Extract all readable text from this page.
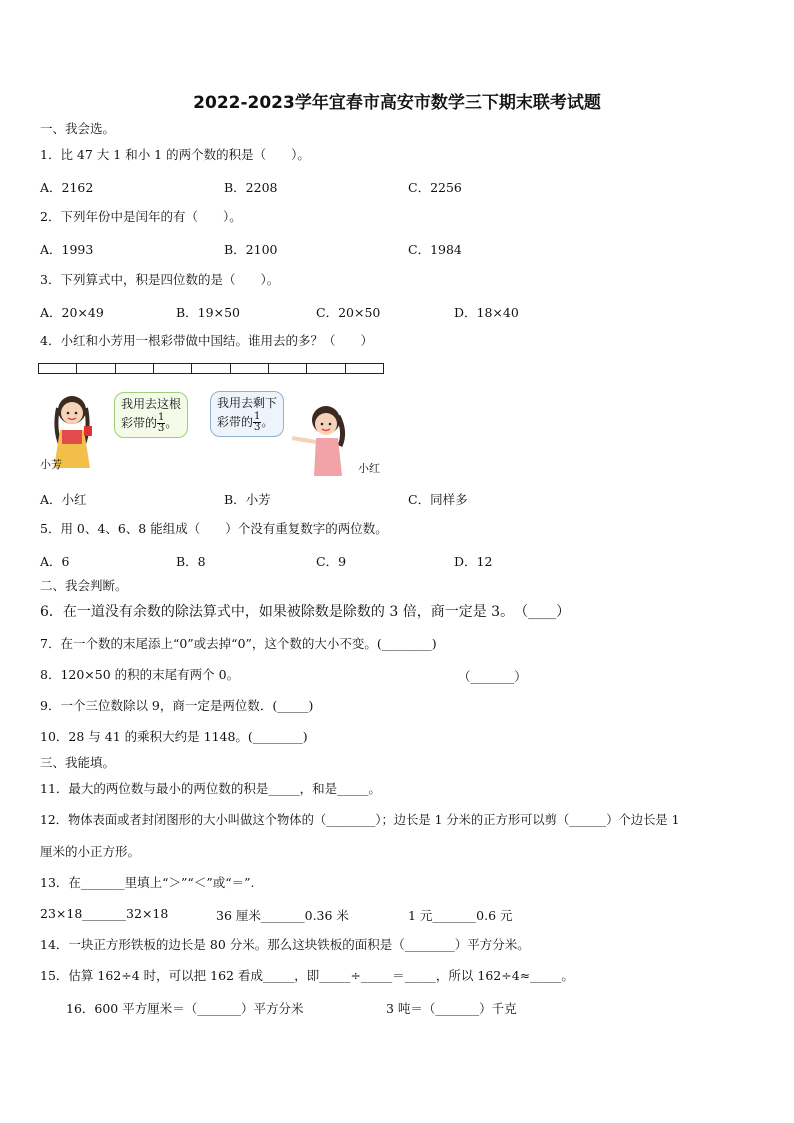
2022-2023学年宜春市高安市数学三下期末联考试题
一、我会选。
1．比 47 大 1 和小 1 的两个数的积是（　　）。
A．2162	B．2208	C．2256
2．下列年份中是闰年的有（　　）。
A．1993	B．2100	C．1984
3．下列算式中，积是四位数的是（　　）。
A．20×49	B．19×50	C．20×50	D．18×40
4．小红和小芳用一根彩带做中国结。谁用去的多？（　　）
我用去这根
彩带的 $\frac{1}{3}$ 。
我用去剩下
彩带的 $\frac{1}{3}$ 。
小芳	小红
A．小红	B．小芳	C．同样多
5．用 0、4、6、8 能组成（　　）个没有重复数字的两位数。
A．6	B．8	C．9	D．12
二、我会判断。
6．在一道没有余数的除法算式中，如果被除数是除数的 3 倍，商一定是 3。　（____）
7．在一个数的末尾添上“0”或去掉“0”，这个数的大小不变。(________)
8．120×50 的积的末尾有两个 0。	（_______）
9．一个三位数除以 9，商一定是两位数．(_____)
10．28 与 41 的乘积大约是 1148。(________)
三、我能填。
11．最大的两位数与最小的两位数的积是_____，和是_____。
12．物体表面或者封闭图形的大小叫做这个物体的（________）；边长是 1 分米的正方形可以剪（______）个边长是 1
厘米的小正方形。
13．在_______里填上“＞”“＜”或“＝”.
23×18_______32×18	36 厘米_______0.36 米	1 元_______0.6 元
14．一块正方形铁板的边长是 80 分米。那么这块铁板的面积是（________）平方分米。
15．估算 162÷4 时，可以把 162 看成_____，即_____÷_____＝_____，所以 162÷4≈_____。
16．600 平方厘米＝（_______）平方分米	3 吨＝（_______）千克
